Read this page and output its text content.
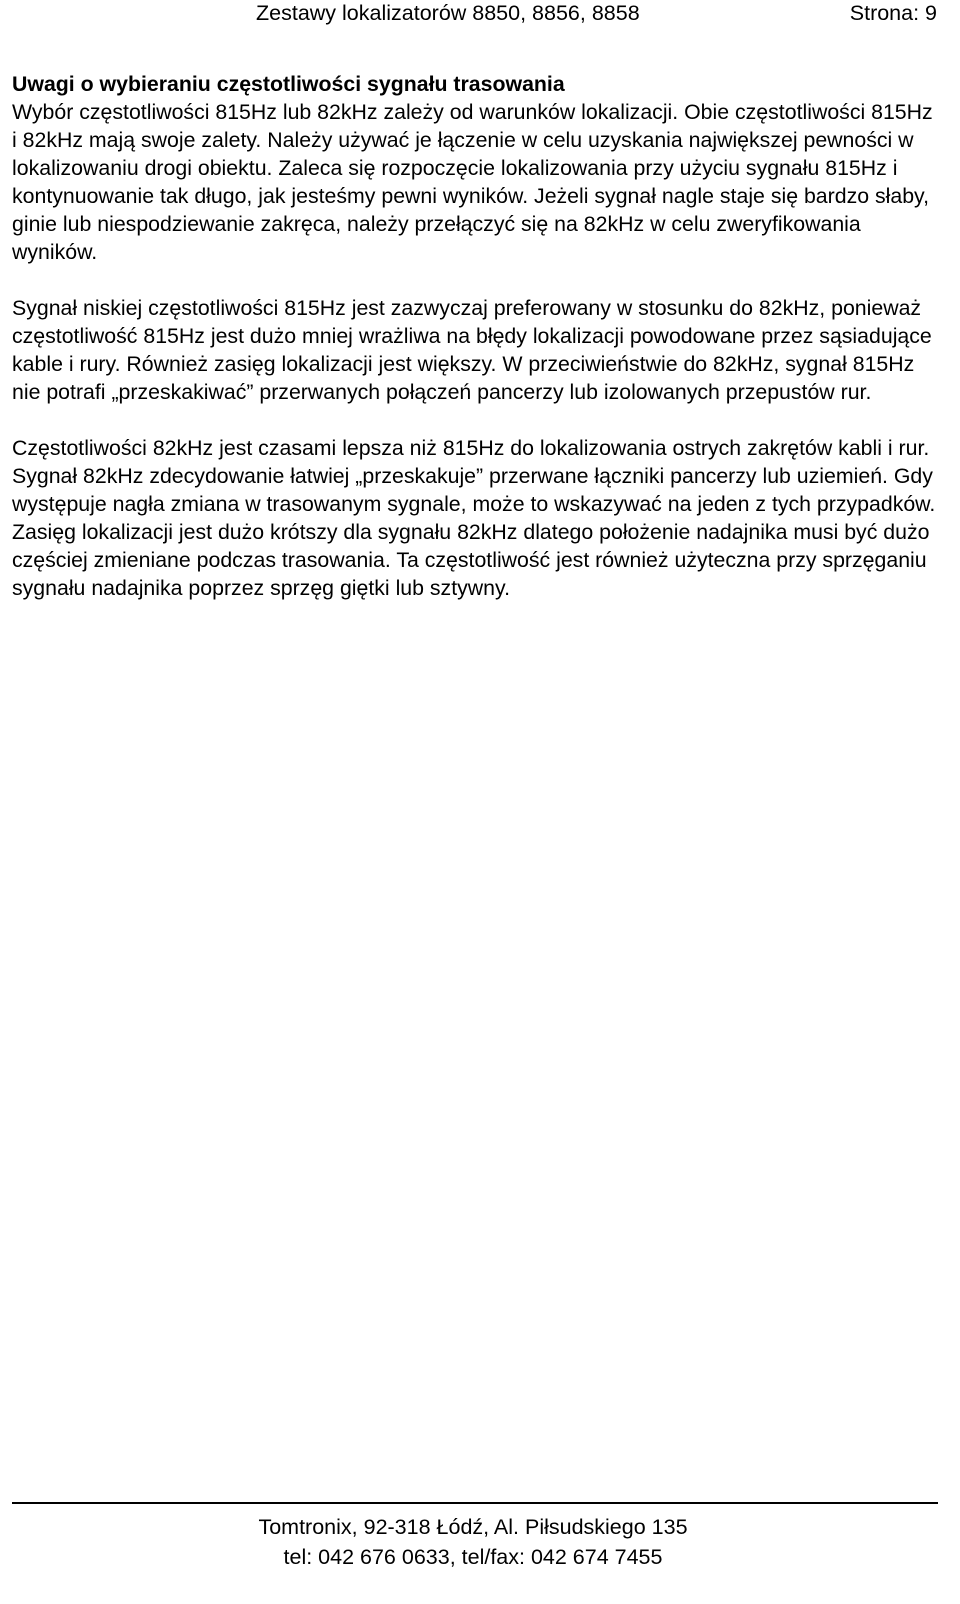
Zestawy lokalizatorów 8850, 8856, 8858	Strona: 9
Uwagi o wybieraniu częstotliwości sygnału trasowania

Wybór częstotliwości 815Hz lub 82kHz zależy od warunków lokalizacji. Obie częstotliwości 815Hz i 82kHz mają swoje zalety. Należy używać je łączenie w celu uzyskania największej pewności w lokalizowaniu drogi obiektu. Zaleca się rozpoczęcie lokalizowania przy użyciu sygnału 815Hz i kontynuowanie tak długo, jak jesteśmy pewni wyników. Jeżeli sygnał nagle staje się bardzo słaby, ginie lub niespodziewanie zakręca, należy przełączyć się na 82kHz w celu zweryfikowania wyników.

Sygnał niskiej częstotliwości 815Hz jest zazwyczaj preferowany w stosunku do 82kHz, ponieważ częstotliwość 815Hz jest dużo mniej wrażliwa na błędy lokalizacji powodowane przez sąsiadujące kable i rury. Również zasięg lokalizacji jest większy. W przeciwieństwie do 82kHz, sygnał 815Hz nie potrafi „przeskakiwać” przerwanych połączeń pancerzy lub izolowanych przepustów rur.

Częstotliwości 82kHz jest czasami lepsza niż 815Hz do lokalizowania ostrych zakrętów kabli i rur. Sygnał 82kHz zdecydowanie łatwiej „przeskakuje” przerwane łączniki pancerzy lub uziemień. Gdy występuje nagła zmiana w trasowanym sygnale, może to wskazywać na jeden z tych przypadków. Zasięg lokalizacji jest dużo krótszy dla sygnału 82kHz dlatego położenie nadajnika musi być dużo częściej zmieniane podczas trasowania. Ta częstotliwość jest również użyteczna przy sprzęganiu sygnału nadajnika poprzez sprzęg giętki lub sztywny.

Tomtronix, 92-318 Łódź, Al. Piłsudskiego 135
tel: 042 676 0633, tel/fax: 042 674 7455
